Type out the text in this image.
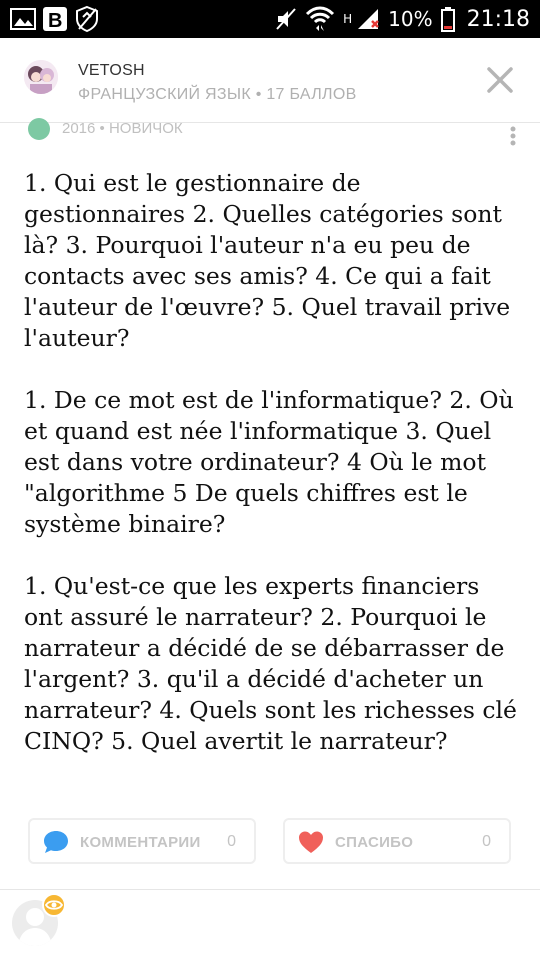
B	H 10% 21:18
VETOSH
ФРАНЦУЗСКИЙ ЯЗЫК • 17 БАЛЛОВ
2016 • НОВИЧОК

1. Qui est le gestionnaire de gestionnaires 2. Quelles catégories sont là? 3. Pourquoi l'auteur n'a eu peu de contacts avec ses amis? 4. Ce qui a fait l'auteur de l'œuvre? 5. Quel travail prive l'auteur?

1. De ce mot est de l'informatique? 2. Où et quand est née l'informatique 3. Quel est dans votre ordinateur? 4 Où le mot "algorithme 5 De quels chiffres est le système binaire?

1. Qu'est-ce que les experts financiers ont assuré le narrateur? 2. Pourquoi le narrateur a décidé de se débarrasser de l'argent? 3. qu'il a décidé d'acheter un narrateur? 4. Quels sont les richesses clé CINQ? 5. Quel avertit le narrateur?

КОММЕНТАРИИ 0	СПАСИБО	0
